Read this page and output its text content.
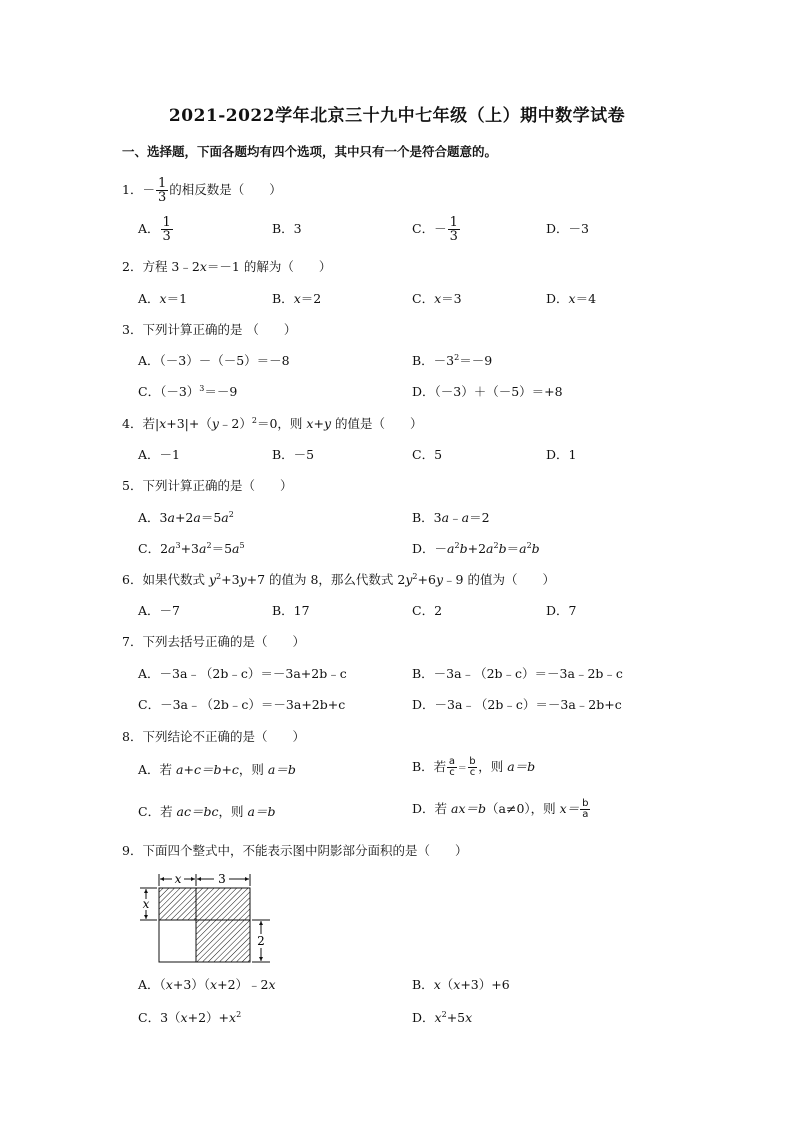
2021-2022学年北京三十九中七年级（上）期中数学试卷
一、选择题，下面各题均有四个选项，其中只有一个是符合题意的。
1．－ $\frac{1}{3}$ 的相反数是（　　）
A． $\frac{1}{3}$	B．3	C．－ $\frac{1}{3}$	D．－3
2．方程 3﹣2x＝－1 的解为（　　）
A．x＝1	B．x＝2	C．x＝3	D．x＝4
3．下列计算正确的是 （　　）
A．（－3）－（－5）＝－8	B．$-3^2=-9$
C．$(-3)^3=-9$	D．（－3）＋（－5）＝+8
4．若|x+3|+（y﹣2）$^2$＝0，则 x+y 的值是（　　）
A．－1	B．－5	C．5	D．1
5．下列计算正确的是（　　）
A．$3a+2a=5a^2$	B．3a﹣a＝2
C．$2a^3+3a^2=5a^5$	D．$-a^2b+2a^2b=a^2b$
6．如果代数式 $y^2+3y+7$ 的值为 8，那么代数式 $2y^2+6y﹣9$ 的值为（　　）
A．－7	B．17	C．2	D．7
7．下列去括号正确的是（　　）
A．－3a﹣（2b﹣c）＝－3a+2b﹣c	B．－3a﹣（2b﹣c）＝－3a﹣2b﹣c
C．－3a﹣（2b﹣c）＝－3a+2b+c	D．－3a﹣（2b﹣c）＝－3a﹣2b+c
8．下列结论不正确的是（　　）
A．若 a+c＝b+c，则 a＝b	B．若 $\frac{a}{c} = \frac{b}{c}$ ，则 a＝b
C．若 ac＝bc，则 a＝b	D．若 ax＝b（a≠0），则 $x= \frac{b}{a}$
9．下面四个整式中，不能表示图中阴影部分面积的是（　　）
x	3
x
2
A．（x+3）（x+2）﹣2x	B．x（x+3）+6
C．$3(x+2)+x^2$	D．$x^2+5x$
